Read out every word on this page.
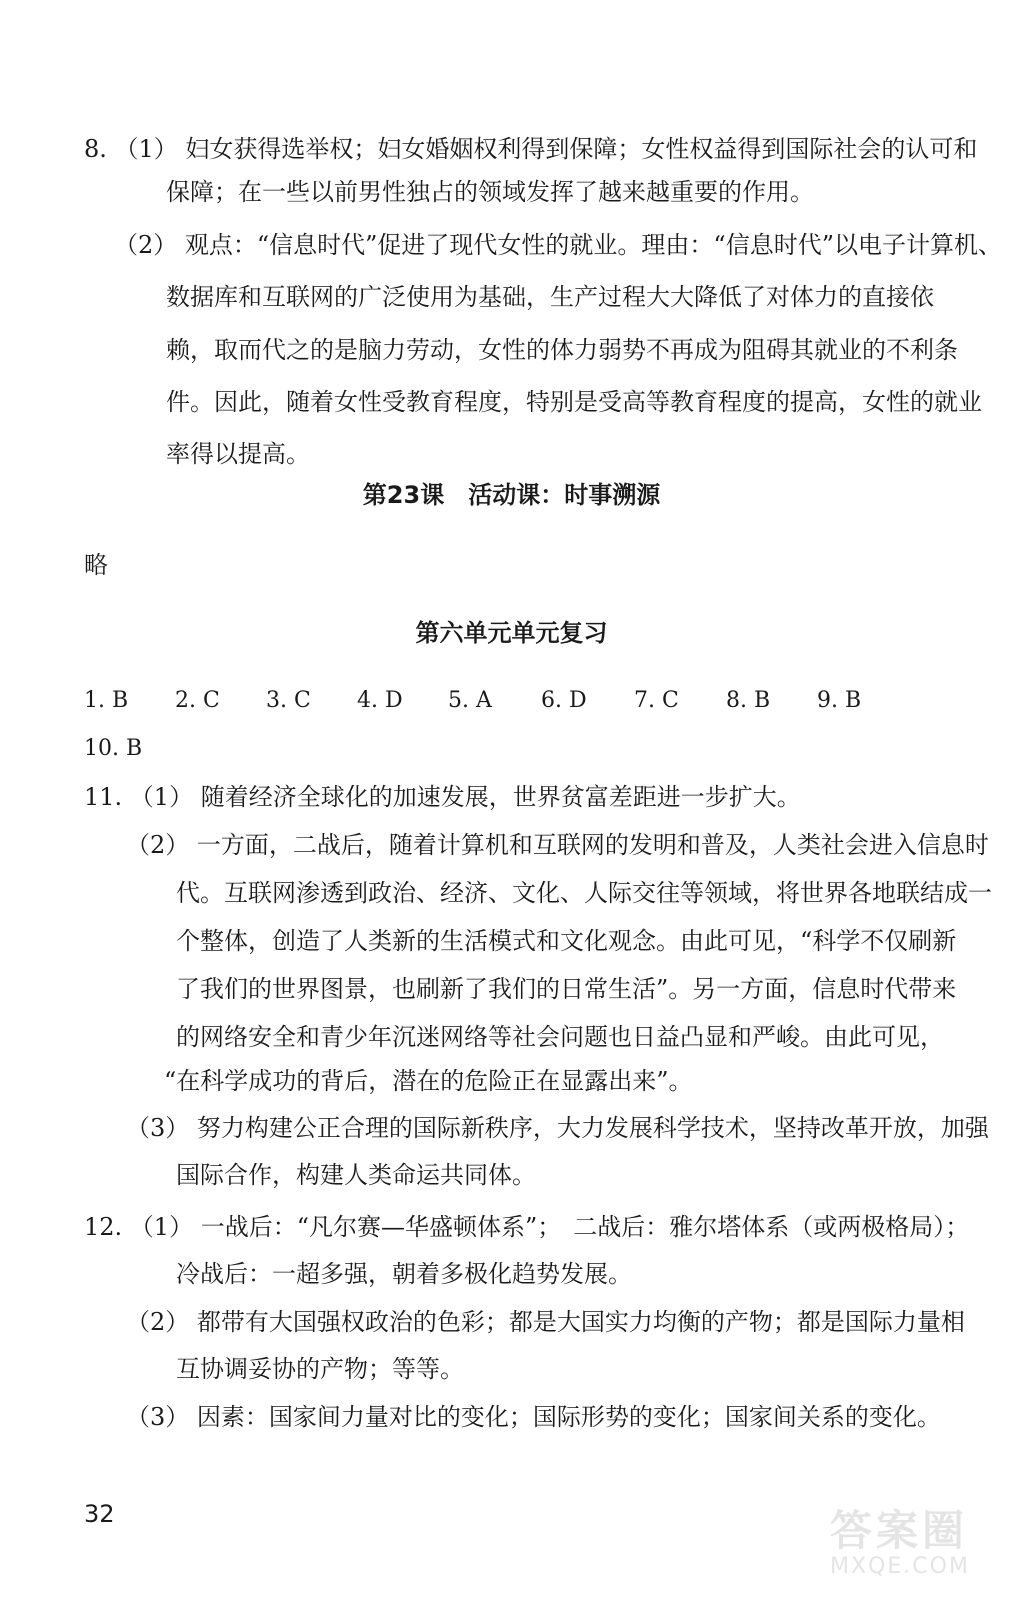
8. （1） 妇女获得选举权；妇女婚姻权利得到保障；女性权益得到国际社会的认可和
保障；在一些以前男性独占的领域发挥了越来越重要的作用。
（2） 观点：“信息时代”促进了现代女性的就业。理由：“信息时代”以电子计算机、
数据库和互联网的广泛使用为基础，生产过程大大降低了对体力的直接依
赖，取而代之的是脑力劳动，女性的体力弱势不再成为阻碍其就业的不利条
件。因此，随着女性受教育程度，特别是受高等教育程度的提高，女性的就业
率得以提高。
第23课　活动课：时事溯源
略
第六单元单元复习
1. B 2. C 3. C 4. D 5. A 6. D 7. C 8. B 9. B
10. B
11. （1） 随着经济全球化的加速发展，世界贫富差距进一步扩大。
（2） 一方面，二战后，随着计算机和互联网的发明和普及，人类社会进入信息时
代。互联网渗透到政治、经济、文化、人际交往等领域，将世界各地联结成一
个整体，创造了人类新的生活模式和文化观念。由此可见，“科学不仅刷新
了我们的世界图景，也刷新了我们的日常生活”。另一方面，信息时代带来
的网络安全和青少年沉迷网络等社会问题也日益凸显和严峻。由此可见，
“在科学成功的背后，潜在的危险正在显露出来”。
（3） 努力构建公正合理的国际新秩序，大力发展科学技术，坚持改革开放，加强
国际合作，构建人类命运共同体。
12. （1） 一战后：“凡尔赛—华盛顿体系”；　二战后：雅尔塔体系（或两极格局）；
冷战后：一超多强，朝着多极化趋势发展。
（2） 都带有大国强权政治的色彩；都是大国实力均衡的产物；都是国际力量相
互协调妥协的产物；等等。
（3） 因素：国家间力量对比的变化；国际形势的变化；国家间关系的变化。
32	答案圈
MXQE.COM
